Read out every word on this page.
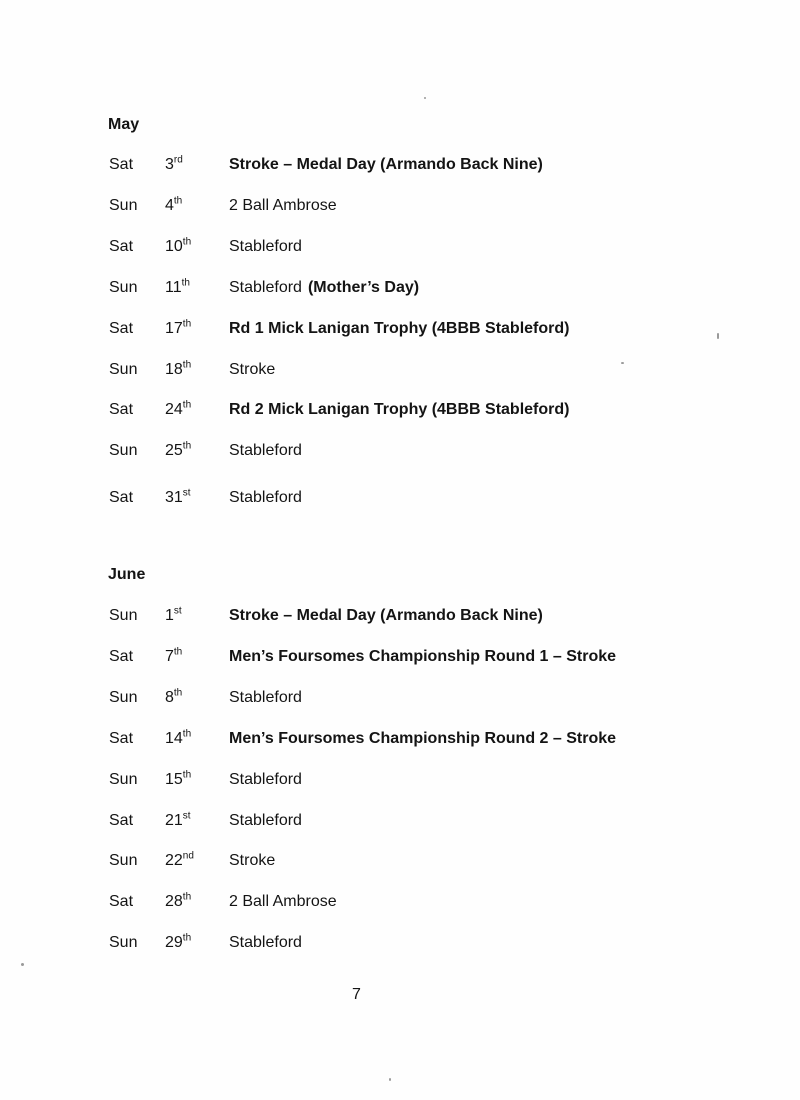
May
Sat 3rd	Stroke – Medal Day (Armando Back Nine)
Sun 4th	2 Ball Ambrose
Sat 10th Stableford
Sun 11th Stableford (Mother’s Day)
Sat 17th Rd 1 Mick Lanigan Trophy (4BBB Stableford)
Sun 18th Stroke
Sat 24th Rd 2 Mick Lanigan Trophy (4BBB Stableford)
Sun 25th Stableford
Sat 31st Stableford
June
Sun 1st	Stroke – Medal Day (Armando Back Nine)
Sat 7th	Men’s Foursomes Championship Round 1 – Stroke
Sun 8th	Stableford
Sat 14th Men’s Foursomes Championship Round 2 – Stroke
Sun 15th Stableford
Sat 21st Stableford
Sun 22nd Stroke
Sat 28th 2 Ball Ambrose
Sun 29th Stableford
7
